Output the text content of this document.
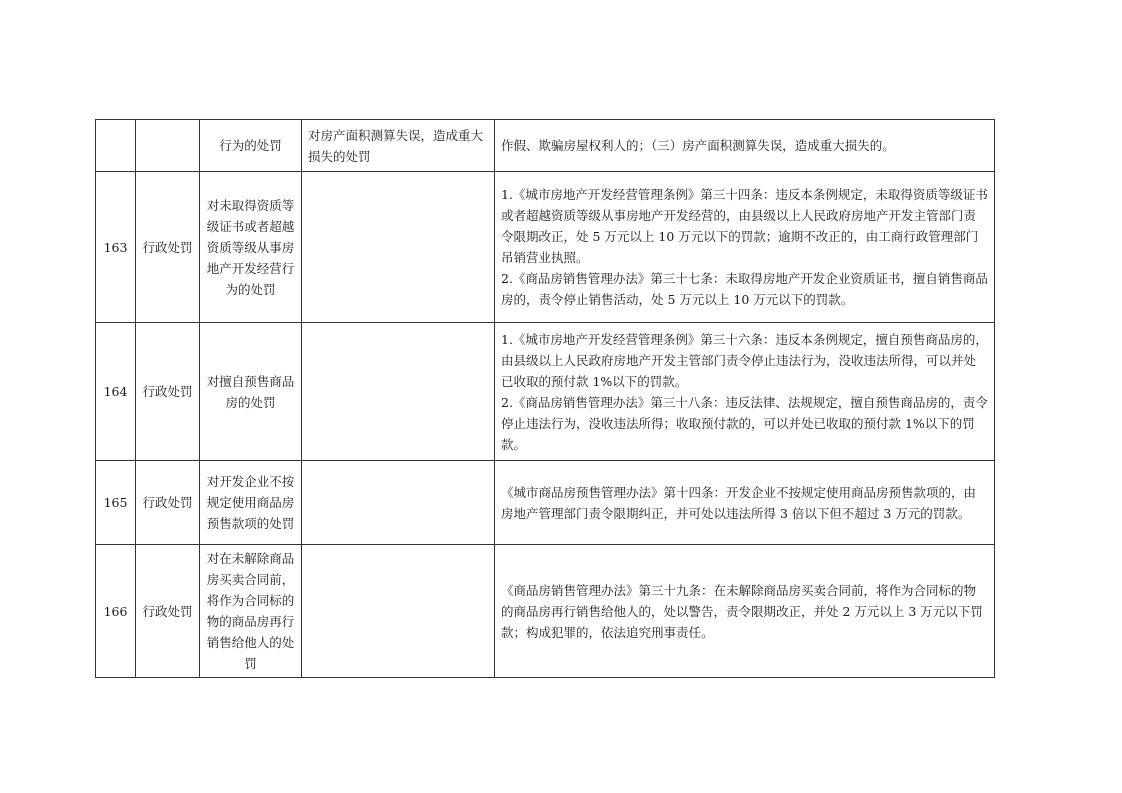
		行为的处罚	对房产面积测算失误，造成重大损失的处罚	作假、欺骗房屋权利人的；（三）房产面积测算失误，造成重大损失的。

163	行政处罚	对未取得资质等级证书或者超越资质等级从事房地产开发经营行为的处罚		1.《城市房地产开发经营管理条例》第三十四条：违反本条例规定，未取得资质等级证书或者超越资质等级从事房地产开发经营的，由县级以上人民政府房地产开发主管部门责令限期改正，处 5 万元以上 10 万元以下的罚款；逾期不改正的，由工商行政管理部门吊销营业执照。
2.《商品房销售管理办法》第三十七条：未取得房地产开发企业资质证书，擅自销售商品房的，责令停止销售活动，处 5 万元以上 10 万元以下的罚款。

164	行政处罚	对擅自预售商品房的处罚		1.《城市房地产开发经营管理条例》第三十六条：违反本条例规定，擅自预售商品房的，由县级以上人民政府房地产开发主管部门责令停止违法行为，没收违法所得，可以并处已收取的预付款 1%以下的罚款。
2.《商品房销售管理办法》第三十八条：违反法律、法规规定，擅自预售商品房的，责令停止违法行为，没收违法所得；收取预付款的，可以并处已收取的预付款 1%以下的罚款。

165	行政处罚	对开发企业不按规定使用商品房预售款项的处罚		《城市商品房预售管理办法》第十四条：开发企业不按规定使用商品房预售款项的，由房地产管理部门责令限期纠正，并可处以违法所得 3 倍以下但不超过 3 万元的罚款。

166	行政处罚	对在未解除商品房买卖合同前，将作为合同标的物的商品房再行销售给他人的处罚		《商品房销售管理办法》第三十九条：在未解除商品房买卖合同前，将作为合同标的物的商品房再行销售给他人的，处以警告，责令限期改正，并处 2 万元以上 3 万元以下罚款；构成犯罪的，依法追究刑事责任。
